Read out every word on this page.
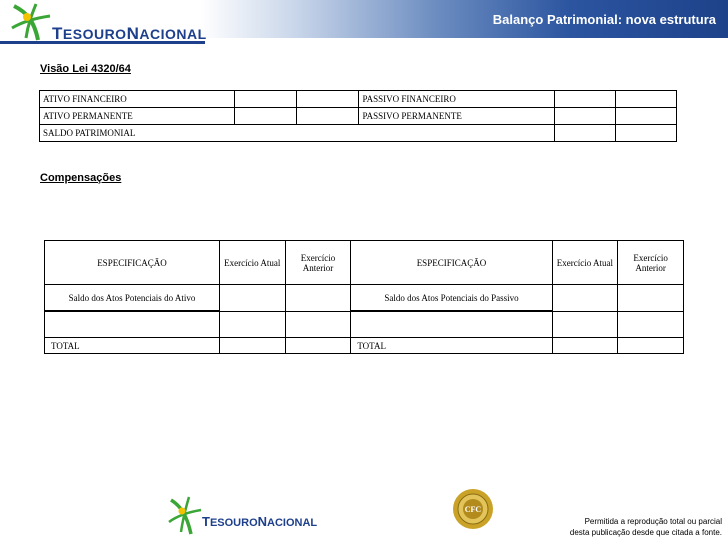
Balanço Patrimonial: nova estrutura
TESOURONACIONAL
Visão Lei 4320/64
ATIVO FINANCEIRO			PASSIVO FINANCEIRO		
ATIVO PERMANENTE			PASSIVO PERMANENTE		
SALDO PATRIMONIAL					
Compensações
ESPECIFICAÇÃO	Exercício Atual	Exercício Anterior	ESPECIFICAÇÃO	Exercício Atual	Exercício Anterior
Saldo dos Atos Potenciais do Ativo			Saldo dos Atos Potenciais do Passivo		

TOTAL			TOTAL		
TESOURONACIONAL
CFC
Permitida a reprodução total ou parcial
desta publicação desde que citada a fonte.
